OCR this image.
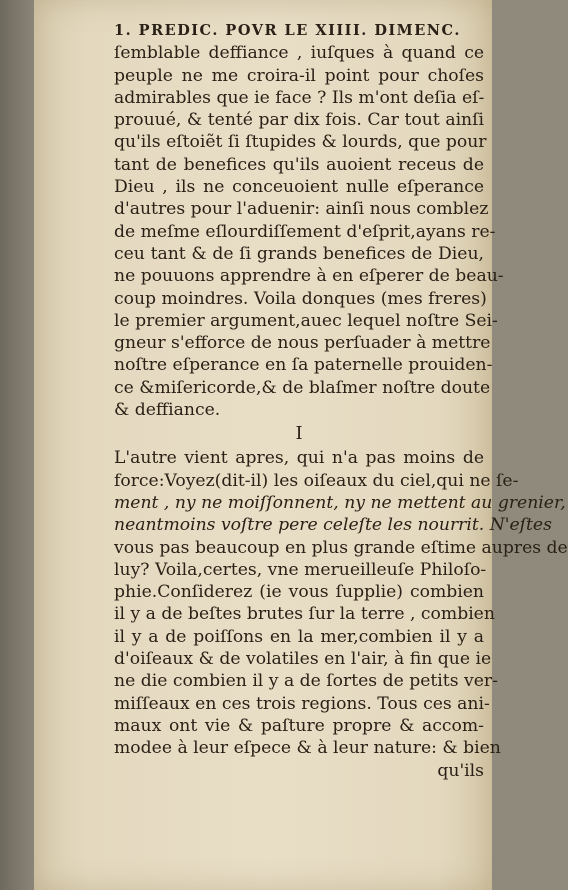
1. PREDIC. POVR LE XIIII. DIMENC.
ſemblable deffiance , iuſques à quand ce
peuple ne me croira-il point pour choſes
admirables que ie face ? Ils m'ont deſia eſ-
prouué, & tenté par dix fois. Car tout ainſi
qu'ils eſtoiẽt ſi ſtupides & lourds, que pour
tant de benefices qu'ils auoient receus de
Dieu , ils ne conceuoient nulle eſperance
d'autres pour l'aduenir: ainſi nous comblez
de meſme eſlourdiſſement d'eſprit,ayans re-
ceu tant & de ſi grands benefices de Dieu,
ne pouuons apprendre à en eſperer de beau-
coup moindres. Voila donques (mes freres)
le premier argument,auec lequel noſtre Sei-
gneur s'efforce de nous perſuader à mettre
noſtre eſperance en ſa paternelle prouiden-
ce &miſericorde,& de blaſmer noſtre doute
& deffiance.
I
L'autre vient apres, qui n'a pas moins de
force:Voyez(dit-il) les oiſeaux du ciel,qui ne ſe-
ment , ny ne moiſſonnent, ny ne mettent au grenier,
neantmoins voſtre pere celeſte les nourrit. N'eſtes
vous pas beaucoup en plus grande eſtime aupres de
luy? Voila,certes, vne merueilleuſe Philoſo-
phie.Conſiderez (ie vous ſupplie) combien
il y a de beſtes brutes ſur la terre , combien
il y a de poiſſons en la mer,combien il y a
d'oiſeaux & de volatiles en l'air, à fin que ie
ne die combien il y a de ſortes de petits ver-
miſſeaux en ces trois regions. Tous ces ani-
maux ont vie & paſture propre & accom-
modee à leur eſpece & à leur nature: & bien
qu'ils
